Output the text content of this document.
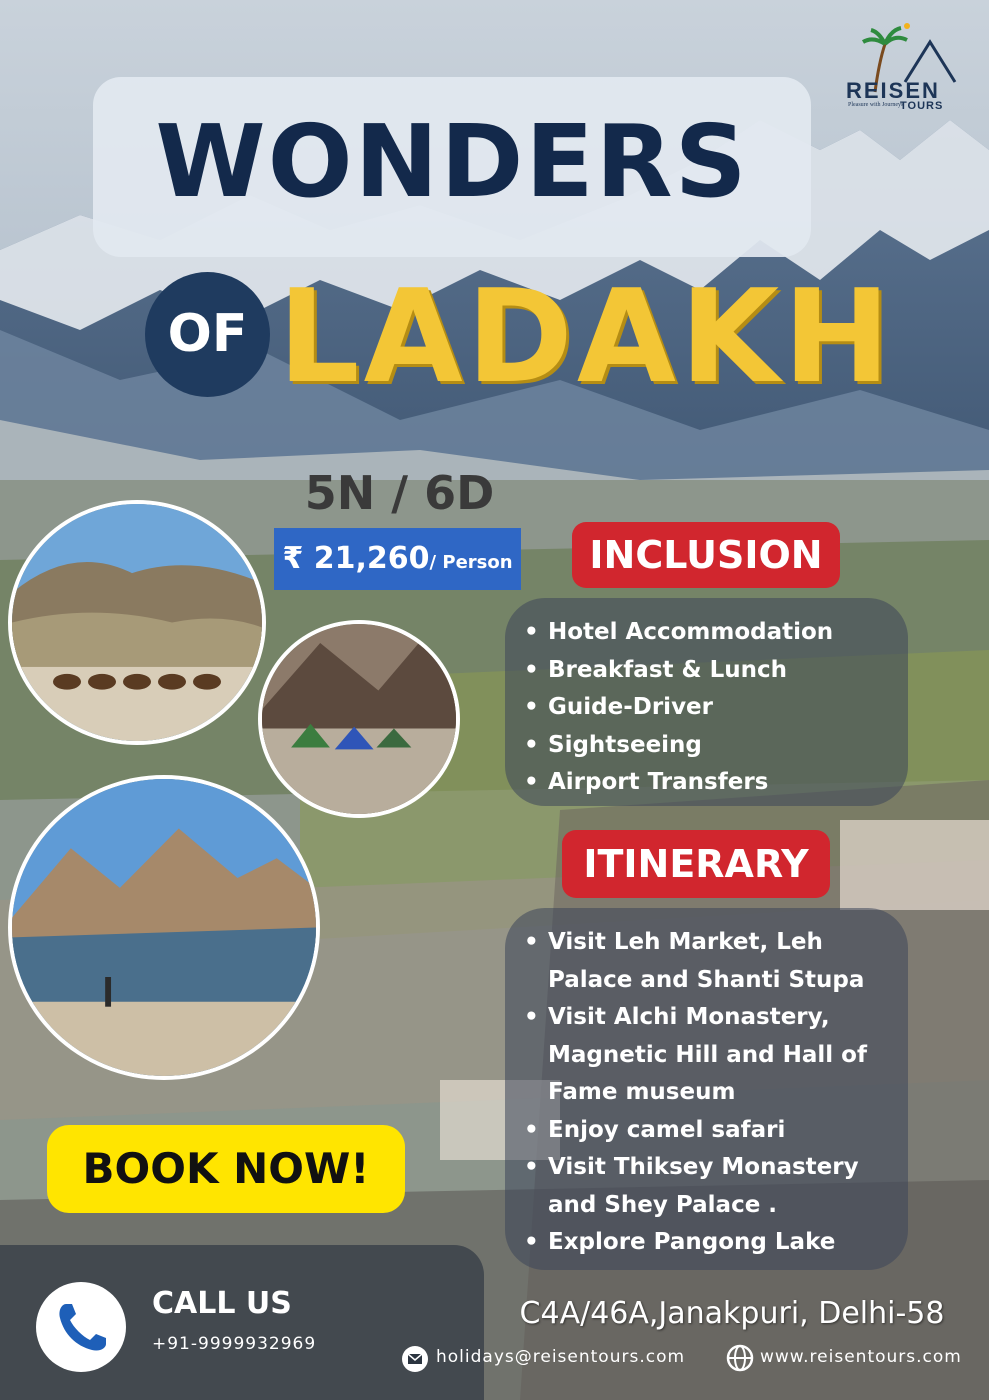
REISEN
Pleasure with Journeys
TOURS
WONDERS
OF LADAKH
5N / 6D
₹ 21,260/ Person	INCLUSION
• Hotel Accommodation
• Breakfast & Lunch
• Guide-Driver
• Sightseeing
• Airport Transfers
ITINERARY
• Visit Leh Market, Leh Palace and Shanti Stupa
• Visit Alchi Monastery, Magnetic Hill and Hall of Fame museum
• Enjoy camel safari
• Visit Thiksey Monastery and Shey Palace .
• Explore Pangong Lake
BOOK NOW!
CALL US
+91-9999932969
C4A/46A,Janakpuri, Delhi-58
holidays@reisentours.com	www.reisentours.com
